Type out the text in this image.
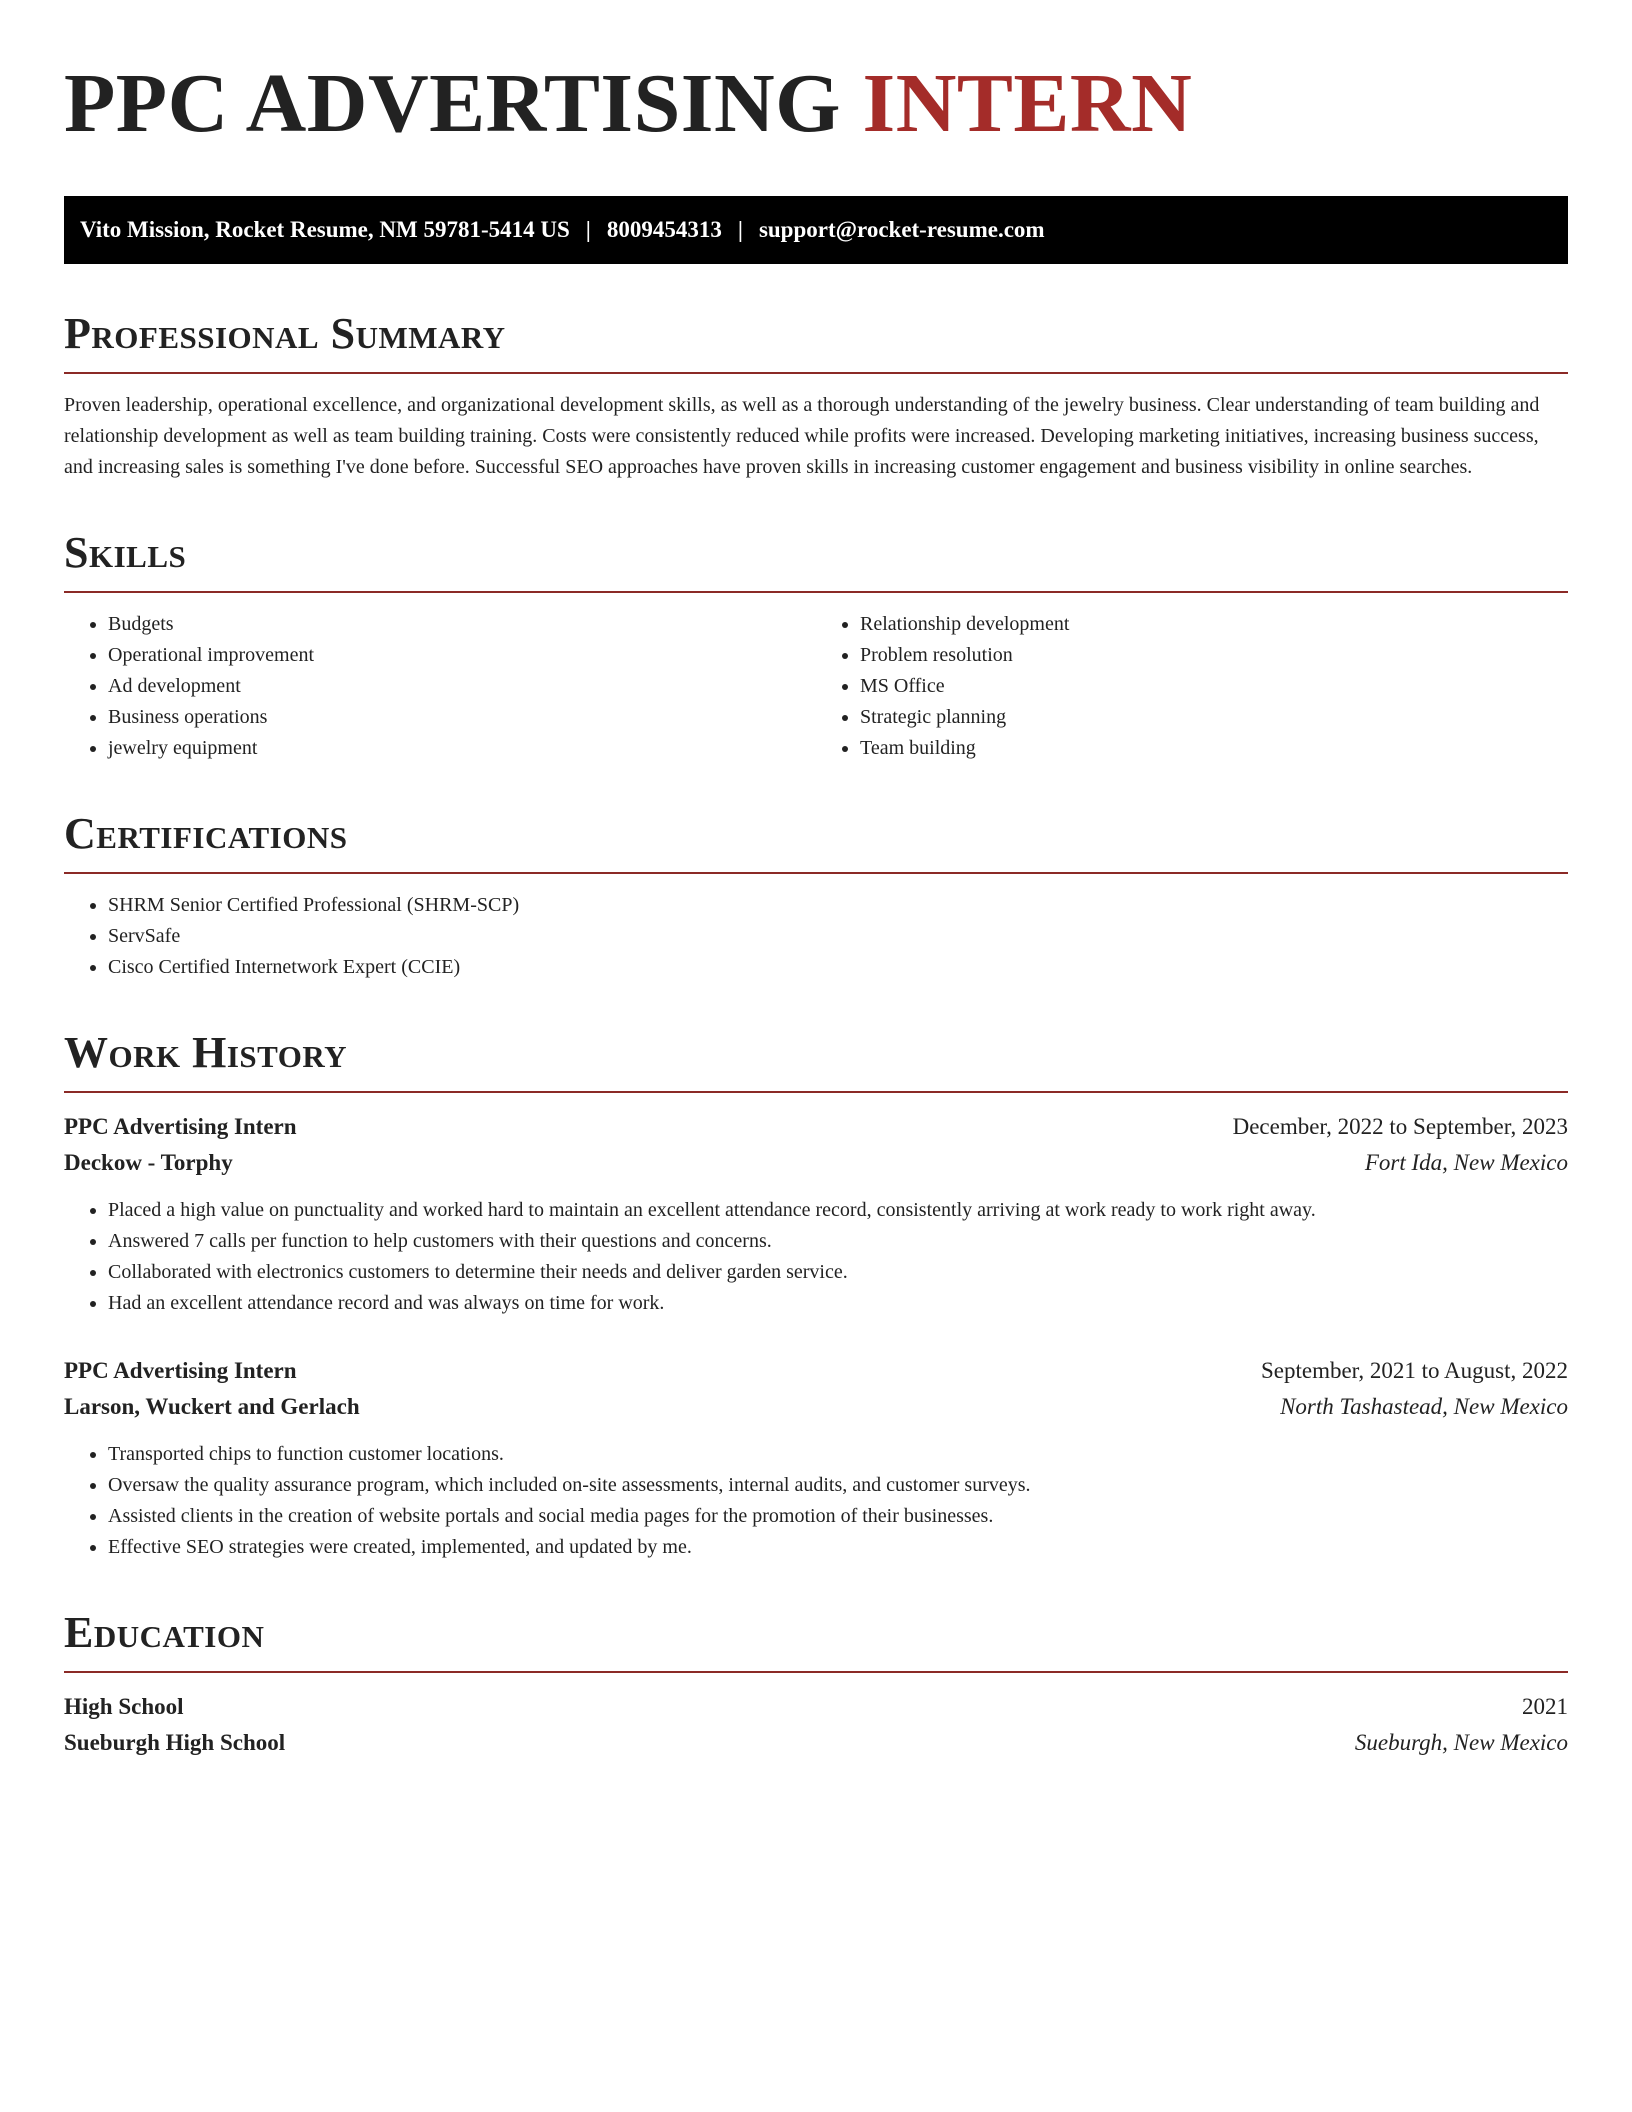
PPC ADVERTISING INTERN
Vito Mission, Rocket Resume, NM 59781-5414 US | 8009454313 | support@rocket-resume.com
Professional Summary

Proven leadership, operational excellence, and organizational development skills, as well as a thorough understanding of the jewelry business. Clear understanding of team building and relationship development as well as team building training. Costs were consistently reduced while profits were increased. Developing marketing initiatives, increasing business success, and increasing sales is something I've done before. Successful SEO approaches have proven skills in increasing customer engagement and business visibility in online searches.

Skills
• Budgets
• Operational improvement
• Ad development
• Business operations
• jewelry equipment
• Relationship development
• Problem resolution
• MS Office
• Strategic planning
• Team building
Certifications
• SHRM Senior Certified Professional (SHRM-SCP)
• ServSafe
• Cisco Certified Internetwork Expert (CCIE)
Work History
PPC Advertising Intern	December, 2022 to September, 2023
Deckow - Torphy	Fort Ida, New Mexico
• Placed a high value on punctuality and worked hard to maintain an excellent attendance record, consistently arriving at work ready to work right away.
• Answered 7 calls per function to help customers with their questions and concerns.
• Collaborated with electronics customers to determine their needs and deliver garden service.
• Had an excellent attendance record and was always on time for work.
PPC Advertising Intern	September, 2021 to August, 2022
Larson, Wuckert and Gerlach	North Tashastead, New Mexico
• Transported chips to function customer locations.
• Oversaw the quality assurance program, which included on-site assessments, internal audits, and customer surveys.
• Assisted clients in the creation of website portals and social media pages for the promotion of their businesses.
• Effective SEO strategies were created, implemented, and updated by me.
Education
High School	2021
Sueburgh High School	Sueburgh, New Mexico
